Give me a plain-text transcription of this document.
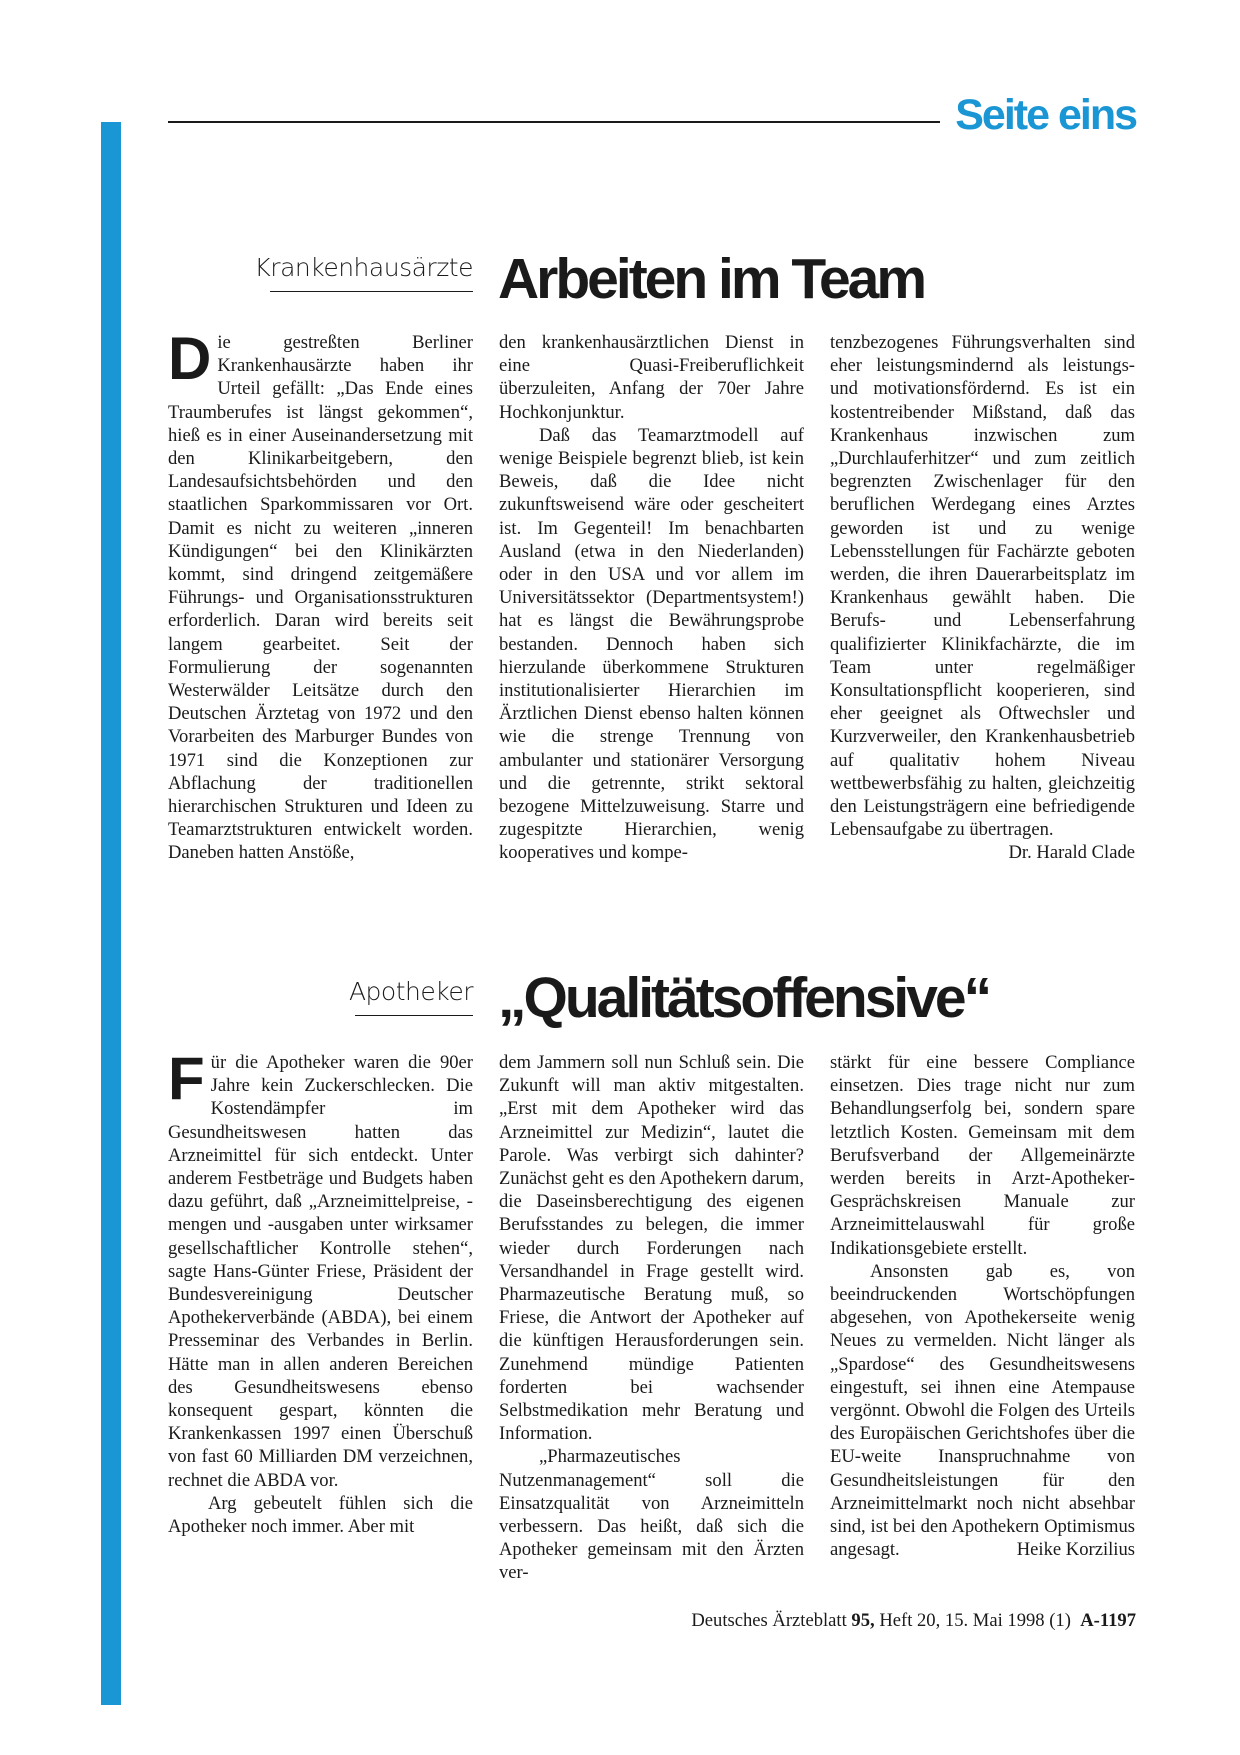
Seite eins
Krankenhausärzte Arbeiten im Team

Die gestreßten Berliner Krankenhausärzte haben ihr Urteil gefällt: „Das Ende eines Traumberufes ist längst gekommen“, hieß es in einer Auseinandersetzung mit den Klinikarbeitgebern, den Landesaufsichtsbehörden und den staatlichen Sparkommissaren vor Ort. Damit es nicht zu weiteren „inneren Kündigungen“ bei den Klinikärzten kommt, sind dringend zeitgemäßere Führungs- und Organisationsstrukturen erforderlich. Daran wird bereits seit langem gearbeitet. Seit der Formulierung der sogenannten Westerwälder Leitsätze durch den Deutschen Ärztetag von 1972 und den Vorarbeiten des Marburger Bundes von 1971 sind die Konzeptionen zur Abflachung der traditionellen hierarchischen Strukturen und Ideen zu Teamarztstrukturen entwickelt worden. Daneben hatten Anstöße,

den krankenhausärztlichen Dienst in eine Quasi-Freiberuflichkeit überzuleiten, Anfang der 70er Jahre Hochkonjunktur.

Daß das Teamarztmodell auf wenige Beispiele begrenzt blieb, ist kein Beweis, daß die Idee nicht zukunftsweisend wäre oder gescheitert ist. Im Gegenteil! Im benachbarten Ausland (etwa in den Niederlanden) oder in den USA und vor allem im Universitätssektor (Departmentsystem!) hat es längst die Bewährungsprobe bestanden. Dennoch haben sich hierzulande überkommene Strukturen institutionalisierter Hierarchien im Ärztlichen Dienst ebenso halten können wie die strenge Trennung von ambulanter und stationärer Versorgung und die getrennte, strikt sektoral bezogene Mittelzuweisung. Starre und zugespitzte Hierarchien, wenig kooperatives und kompe-

tenzbezogenes Führungsverhalten sind eher leistungsmindernd als leistungs- und motivationsfördernd. Es ist ein kostentreibender Mißstand, daß das Krankenhaus inzwischen zum „Durchlauferhitzer“ und zum zeitlich begrenzten Zwischenlager für den beruflichen Werdegang eines Arztes geworden ist und zu wenige Lebensstellungen für Fachärzte geboten werden, die ihren Dauerarbeitsplatz im Krankenhaus gewählt haben. Die Berufs- und Lebenserfahrung qualifizierter Klinikfachärzte, die im Team unter regelmäßiger Konsultationspflicht kooperieren, sind eher geeignet als Oftwechsler und Kurzverweiler, den Krankenhausbetrieb auf qualitativ hohem Niveau wettbewerbsfähig zu halten, gleichzeitig den Leistungsträgern eine befriedigende Lebensaufgabe zu übertragen.
Dr. Harald Clade

Apotheker „Qualitätsoffensive“

Für die Apotheker waren die 90er Jahre kein Zuckerschlecken. Die Kostendämpfer im Gesundheitswesen hatten das Arzneimittel für sich entdeckt. Unter anderem Festbeträge und Budgets haben dazu geführt, daß „Arzneimittelpreise, -mengen und -ausgaben unter wirksamer gesellschaftlicher Kontrolle stehen“, sagte Hans-Günter Friese, Präsident der Bundesvereinigung Deutscher Apothekerverbände (ABDA), bei einem Presseminar des Verbandes in Berlin. Hätte man in allen anderen Bereichen des Gesundheitswesens ebenso konsequent gespart, könnten die Krankenkassen 1997 einen Überschuß von fast 60 Milliarden DM verzeichnen, rechnet die ABDA vor.

Arg gebeutelt fühlen sich die Apotheker noch immer. Aber mit

dem Jammern soll nun Schluß sein. Die Zukunft will man aktiv mitgestalten. „Erst mit dem Apotheker wird das Arzneimittel zur Medizin“, lautet die Parole. Was verbirgt sich dahinter? Zunächst geht es den Apothekern darum, die Daseinsberechtigung des eigenen Berufsstandes zu belegen, die immer wieder durch Forderungen nach Versandhandel in Frage gestellt wird. Pharmazeutische Beratung muß, so Friese, die Antwort der Apotheker auf die künftigen Herausforderungen sein. Zunehmend mündige Patienten forderten bei wachsender Selbstmedikation mehr Beratung und Information.

„Pharmazeutisches Nutzenmanagement“ soll die Einsatzqualität von Arzneimitteln verbessern. Das heißt, daß sich die Apotheker gemeinsam mit den Ärzten ver-

stärkt für eine bessere Compliance einsetzen. Dies trage nicht nur zum Behandlungserfolg bei, sondern spare letztlich Kosten. Gemeinsam mit dem Berufsverband der Allgemeinärzte werden bereits in Arzt-Apotheker-Gesprächskreisen Manuale zur Arzneimittelauswahl für große Indikationsgebiete erstellt.

Ansonsten gab es, von beeindruckenden Wortschöpfungen abgesehen, von Apothekerseite wenig Neues zu vermelden. Nicht länger als „Spardose“ des Gesundheitswesens eingestuft, sei ihnen eine Atempause vergönnt. Obwohl die Folgen des Urteils des Europäischen Gerichtshofes über die EU-weite Inanspruchnahme von Gesundheitsleistungen für den Arzneimittelmarkt noch nicht absehbar sind, ist bei den Apothekern Optimismus angesagt.	Heike Korzilius

Deutsches Ärzteblatt 95, Heft 20, 15. Mai 1998 (1) A-1197
